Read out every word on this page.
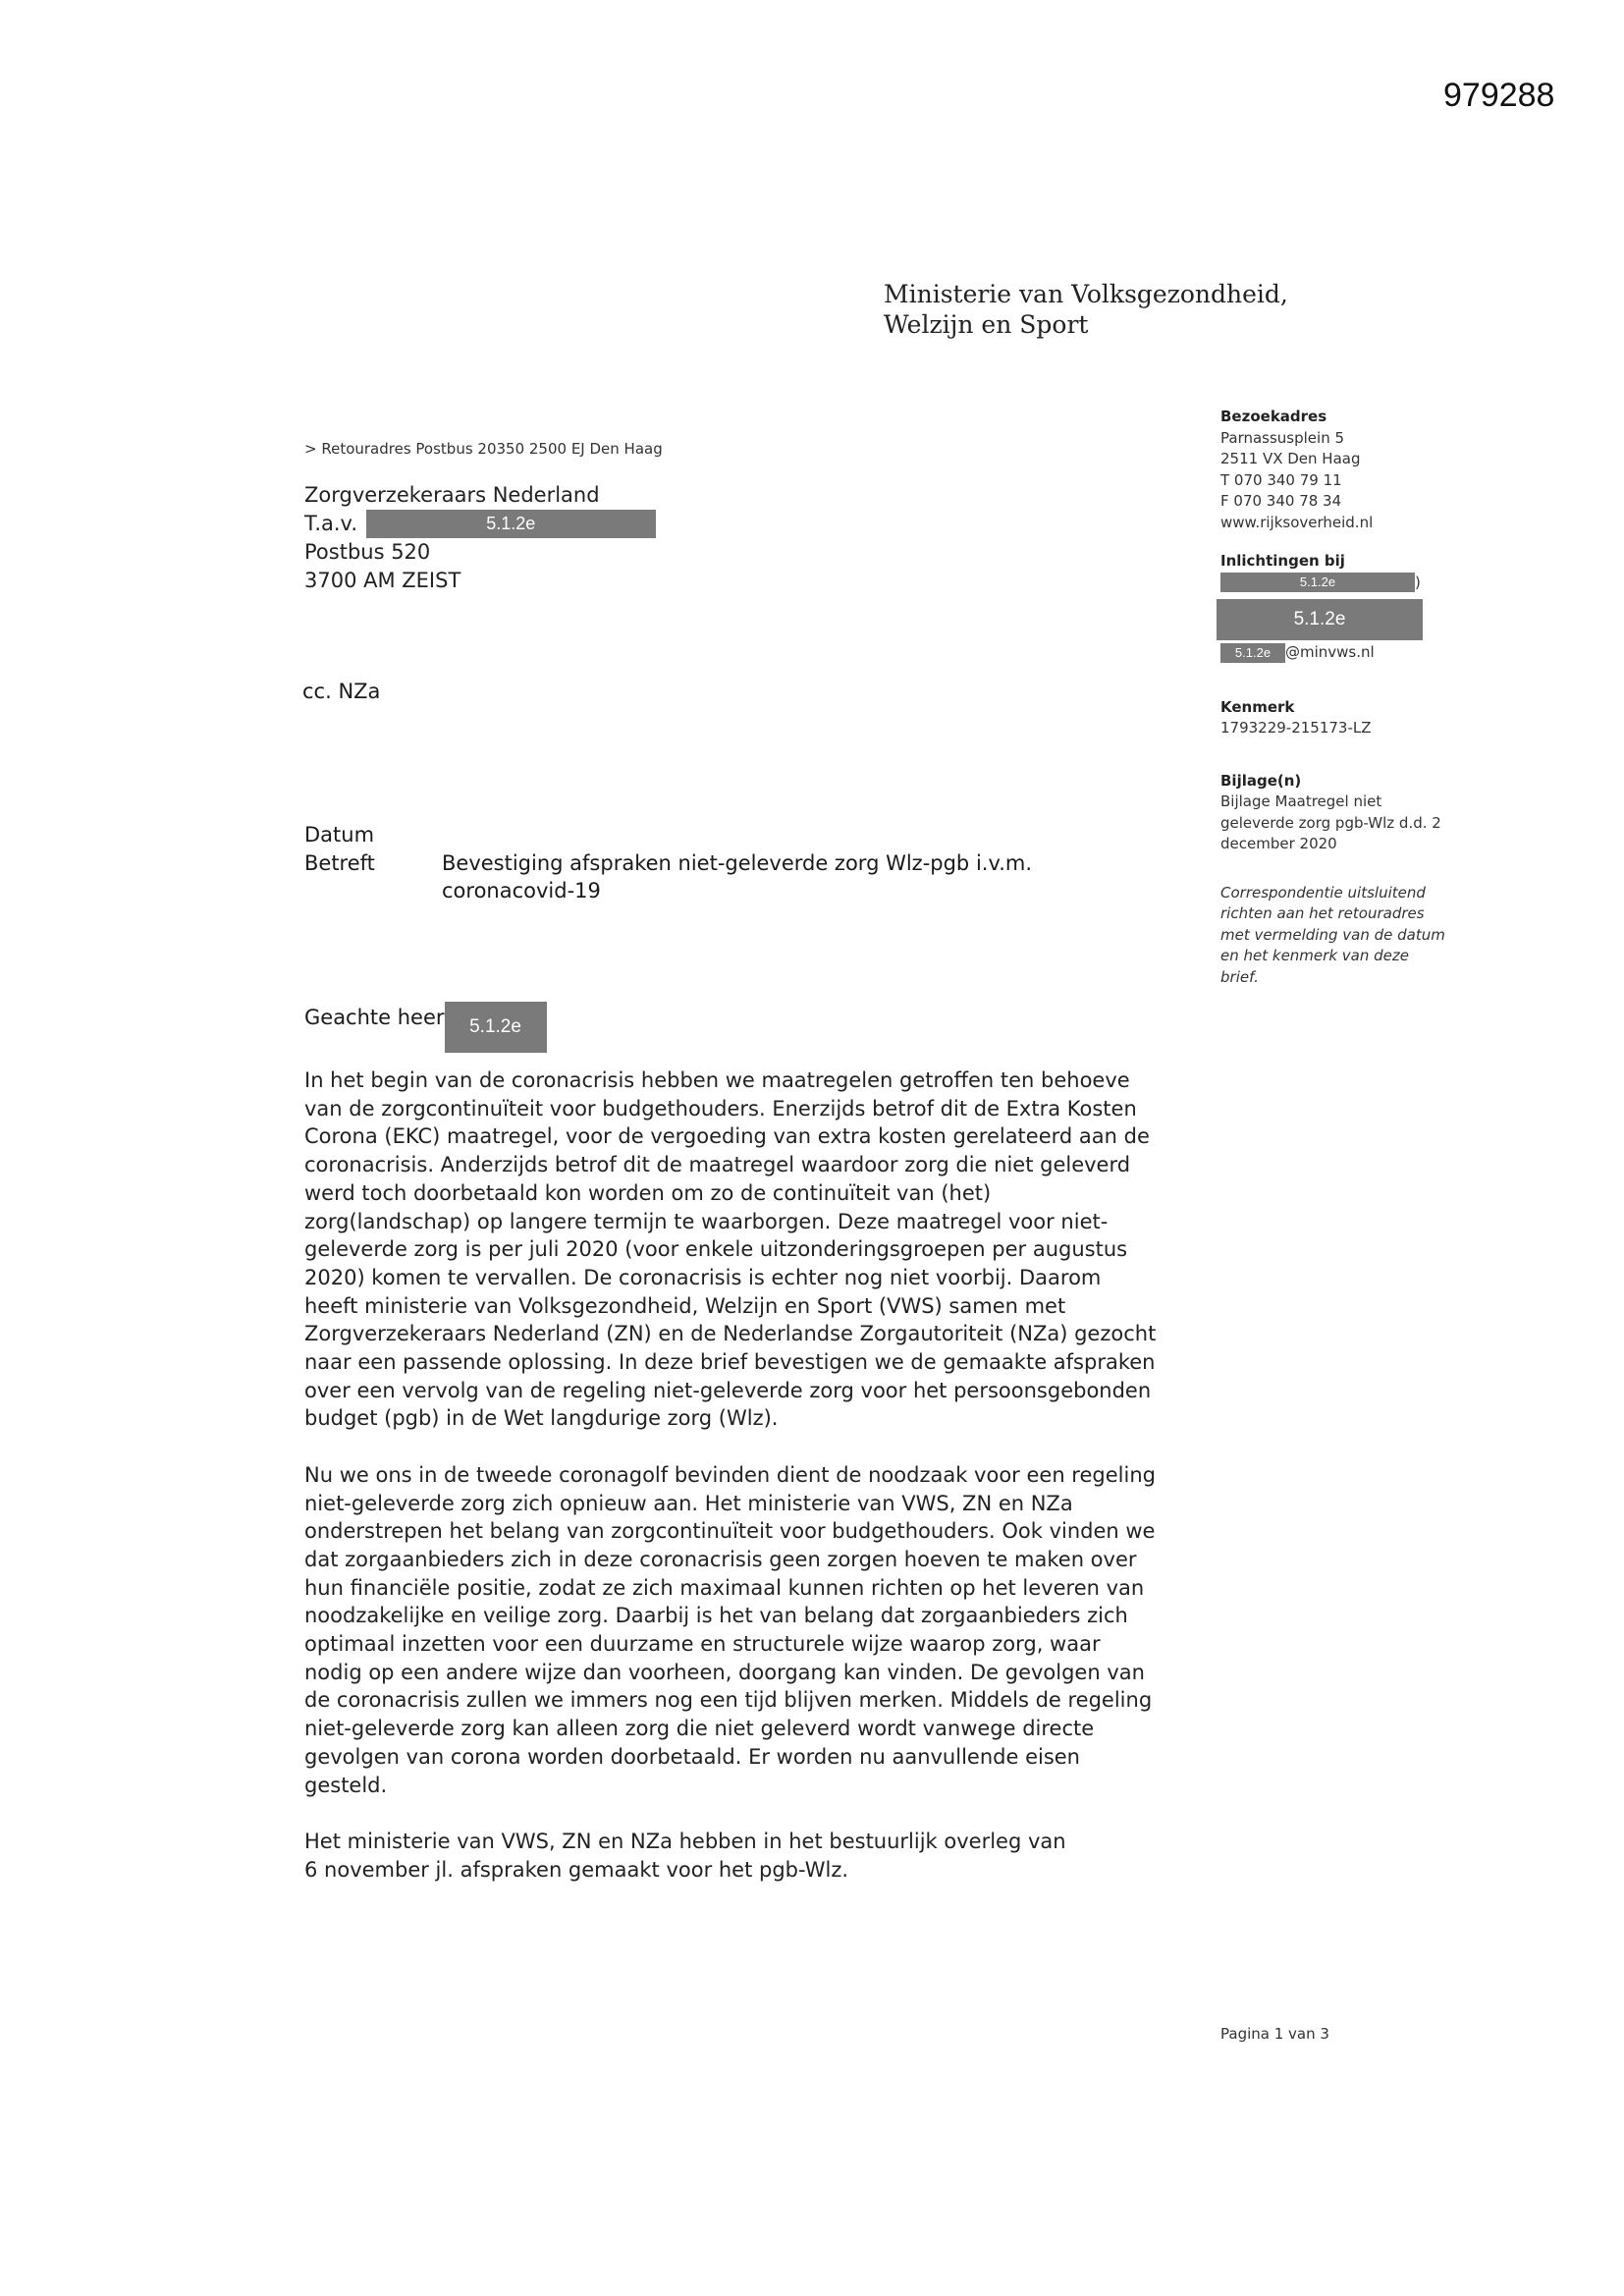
979288
Ministerie van Volksgezondheid,
Welzijn en Sport
> Retouradres Postbus 20350 2500 EJ Den Haag
Zorgverzekeraars Nederland
T.a.v.	5.1.2e
Postbus 520
3700 AM ZEIST
cc. NZa
Datum
Betreft	Bevestiging afspraken niet-geleverde zorg Wlz-pgb i.v.m.
coronacovid-19
Geachte heer	5.1.2e

In het begin van de coronacrisis hebben we maatregelen getroffen ten behoeve
van de zorgcontinuïteit voor budgethouders. Enerzijds betrof dit de Extra Kosten
Corona (EKC) maatregel, voor de vergoeding van extra kosten gerelateerd aan de
coronacrisis. Anderzijds betrof dit de maatregel waardoor zorg die niet geleverd
werd toch doorbetaald kon worden om zo de continuïteit van (het)
zorg(landschap) op langere termijn te waarborgen. Deze maatregel voor niet-
geleverde zorg is per juli 2020 (voor enkele uitzonderingsgroepen per augustus
2020) komen te vervallen. De coronacrisis is echter nog niet voorbij. Daarom
heeft ministerie van Volksgezondheid, Welzijn en Sport (VWS) samen met
Zorgverzekeraars Nederland (ZN) en de Nederlandse Zorgautoriteit (NZa) gezocht
naar een passende oplossing. In deze brief bevestigen we de gemaakte afspraken
over een vervolg van de regeling niet-geleverde zorg voor het persoonsgebonden
budget (pgb) in de Wet langdurige zorg (Wlz).

Nu we ons in de tweede coronagolf bevinden dient de noodzaak voor een regeling
niet-geleverde zorg zich opnieuw aan. Het ministerie van VWS, ZN en NZa
onderstrepen het belang van zorgcontinuïteit voor budgethouders. Ook vinden we
dat zorgaanbieders zich in deze coronacrisis geen zorgen hoeven te maken over
hun financiële positie, zodat ze zich maximaal kunnen richten op het leveren van
noodzakelijke en veilige zorg. Daarbij is het van belang dat zorgaanbieders zich
optimaal inzetten voor een duurzame en structurele wijze waarop zorg, waar
nodig op een andere wijze dan voorheen, doorgang kan vinden. De gevolgen van
de coronacrisis zullen we immers nog een tijd blijven merken. Middels de regeling
niet-geleverde zorg kan alleen zorg die niet geleverd wordt vanwege directe
gevolgen van corona worden doorbetaald. Er worden nu aanvullende eisen
gesteld.

Het ministerie van VWS, ZN en NZa hebben in het bestuurlijk overleg van
6 november jl. afspraken gemaakt voor het pgb-Wlz.

Bezoekadres
Parnassusplein 5
2511 VX Den Haag
T 070 340 79 11
F 070 340 78 34
www.rijksoverheid.nl
Inlichtingen bij
5.1.2e	)
5.1.2e
5.1.2e @minvws.nl
Kenmerk
1793229-215173-LZ
Bijlage(n)
Bijlage Maatregel niet
geleverde zorg pgb-Wlz d.d. 2
december 2020
Correspondentie uitsluitend
richten aan het retouradres
met vermelding van de datum
en het kenmerk van deze
brief.
Pagina 1 van 3
